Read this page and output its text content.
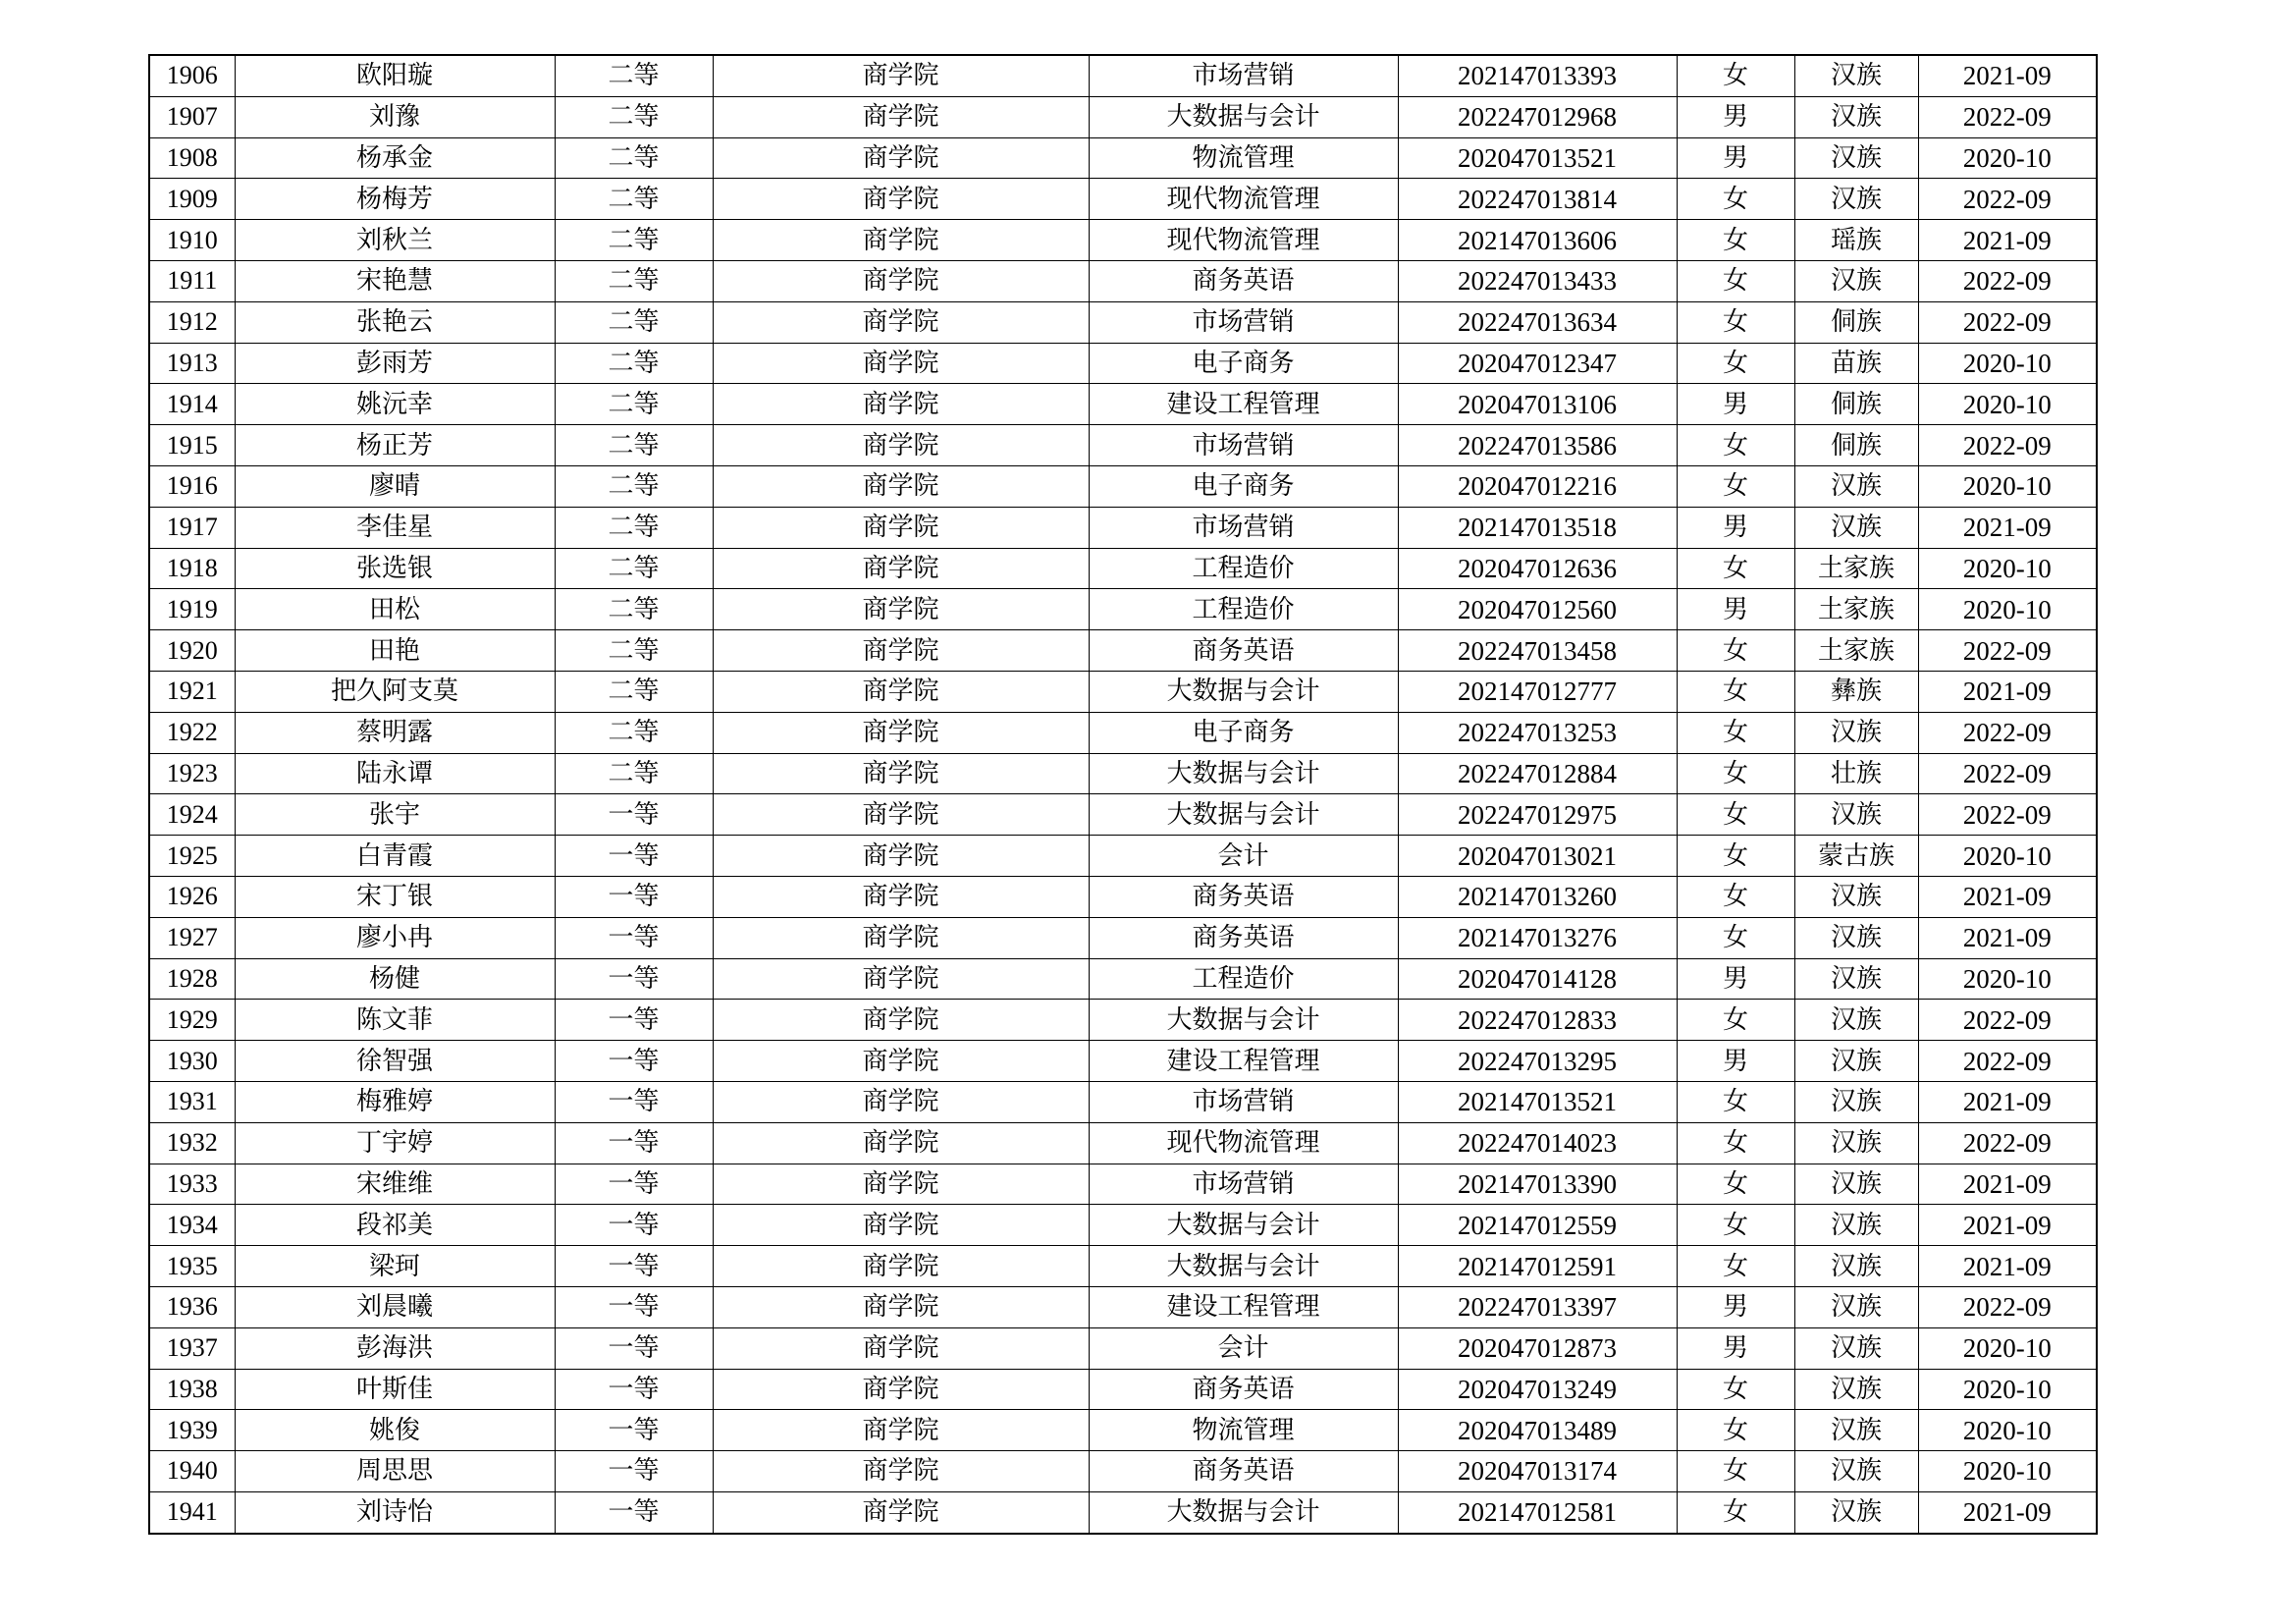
1906	欧阳璇	二等	商学院	市场营销	202147013393	女	汉族	2021-09
1907	刘豫	二等	商学院	大数据与会计	202247012968	男	汉族	2022-09
1908	杨承金	二等	商学院	物流管理	202047013521	男	汉族	2020-10
1909	杨梅芳	二等	商学院	现代物流管理	202247013814	女	汉族	2022-09
1910	刘秋兰	二等	商学院	现代物流管理	202147013606	女	瑶族	2021-09
1911	宋艳慧	二等	商学院	商务英语	202247013433	女	汉族	2022-09
1912	张艳云	二等	商学院	市场营销	202247013634	女	侗族	2022-09
1913	彭雨芳	二等	商学院	电子商务	202047012347	女	苗族	2020-10
1914	姚沅幸	二等	商学院	建设工程管理	202047013106	男	侗族	2020-10
1915	杨正芳	二等	商学院	市场营销	202247013586	女	侗族	2022-09
1916	廖晴	二等	商学院	电子商务	202047012216	女	汉族	2020-10
1917	李佳星	二等	商学院	市场营销	202147013518	男	汉族	2021-09
1918	张选银	二等	商学院	工程造价	202047012636	女	土家族	2020-10
1919	田松	二等	商学院	工程造价	202047012560	男	土家族	2020-10
1920	田艳	二等	商学院	商务英语	202247013458	女	土家族	2022-09
1921	把久阿支莫	二等	商学院	大数据与会计	202147012777	女	彝族	2021-09
1922	蔡明露	二等	商学院	电子商务	202247013253	女	汉族	2022-09
1923	陆永谭	二等	商学院	大数据与会计	202247012884	女	壮族	2022-09
1924	张宇	一等	商学院	大数据与会计	202247012975	女	汉族	2022-09
1925	白青霞	一等	商学院	会计	202047013021	女	蒙古族	2020-10
1926	宋丁银	一等	商学院	商务英语	202147013260	女	汉族	2021-09
1927	廖小冉	一等	商学院	商务英语	202147013276	女	汉族	2021-09
1928	杨健	一等	商学院	工程造价	202047014128	男	汉族	2020-10
1929	陈文菲	一等	商学院	大数据与会计	202247012833	女	汉族	2022-09
1930	徐智强	一等	商学院	建设工程管理	202247013295	男	汉族	2022-09
1931	梅雅婷	一等	商学院	市场营销	202147013521	女	汉族	2021-09
1932	丁宇婷	一等	商学院	现代物流管理	202247014023	女	汉族	2022-09
1933	宋维维	一等	商学院	市场营销	202147013390	女	汉族	2021-09
1934	段祁美	一等	商学院	大数据与会计	202147012559	女	汉族	2021-09
1935	梁珂	一等	商学院	大数据与会计	202147012591	女	汉族	2021-09
1936	刘晨曦	一等	商学院	建设工程管理	202247013397	男	汉族	2022-09
1937	彭海洪	一等	商学院	会计	202047012873	男	汉族	2020-10
1938	叶斯佳	一等	商学院	商务英语	202047013249	女	汉族	2020-10
1939	姚俊	一等	商学院	物流管理	202047013489	女	汉族	2020-10
1940	周思思	一等	商学院	商务英语	202047013174	女	汉族	2020-10
1941	刘诗怡	一等	商学院	大数据与会计	202147012581	女	汉族	2021-09
